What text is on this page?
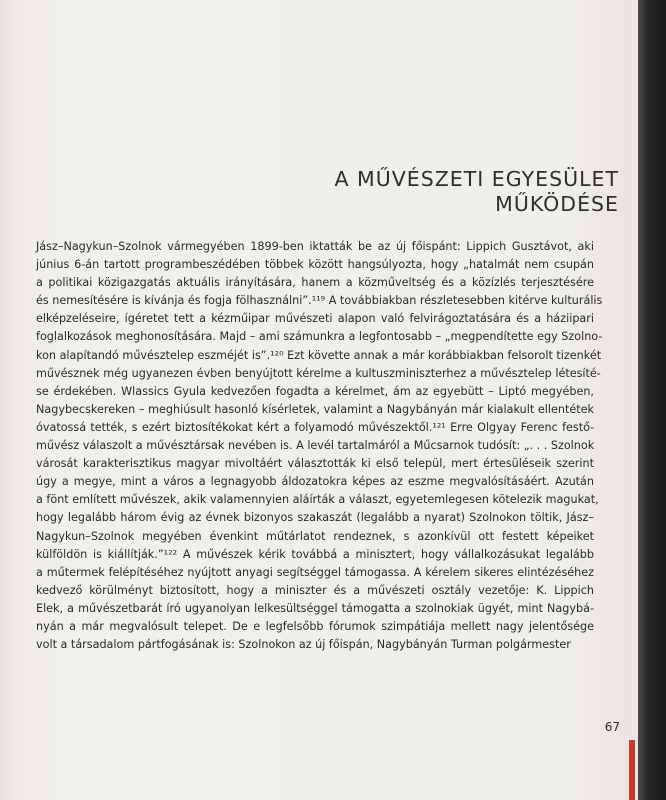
A MŰVÉSZETI EGYESÜLET
MŰKÖDÉSE
Jász–Nagykun–Szolnok vármegyében 1899-ben iktatták be az új főispánt: Lippich Gusztávot, aki
június 6-án tartott programbeszédében többek között hangsúlyozta, hogy „hatalmát nem csupán
a politikai közigazgatás aktuális irányítására, hanem a közműveltség és a közízlés terjesztésére
és nemesítésére is kívánja és fogja fölhasználni”.¹¹⁹ A továbbiakban részletesebben kitérve kulturális
elképzeléseire, ígéretet tett a kézműipar művészeti alapon való felvirágoztatására és a háziipari
foglalkozások meghonosítására. Majd – ami számunkra a legfontosabb – „megpendítette egy Szolno-
kon alapítandó művésztelep eszméjét is”.¹²⁰ Ezt követte annak a már korábbiakban felsorolt tizenkét
művésznek még ugyanezen évben benyújtott kérelme a kultuszminiszterhez a művésztelep létesíté-
se érdekében. Wlassics Gyula kedvezően fogadta a kérelmet, ám az egyebütt – Liptó megyében,
Nagybecskereken – meghiúsult hasonló kísérletek, valamint a Nagybányán már kialakult ellentétek
óvatossá tették, s ezért biztosítékokat kért a folyamodó művészektől.¹²¹ Erre Olgyay Ferenc festő-
művész válaszolt a művésztársak nevében is. A levél tartalmáról a Műcsarnok tudósít: „. . . Szolnok
városát karakterisztikus magyar mivoltáért választották ki első települ, mert értesüléseik szerint
úgy a megye, mint a város a legnagyobb áldozatokra képes az eszme megvalósításáért. Azután
a fönt említett művészek, akik valamennyien aláírták a választ, egyetemlegesen kötelezik magukat,
hogy legalább három évig az évnek bizonyos szakaszát (legalább a nyarat) Szolnokon töltik, Jász–
Nagykun–Szolnok megyében évenkint műtárlatot rendeznek, s azonkívül ott festett képeiket
külföldön is kiállítják.”¹²² A művészek kérik továbbá a minisztert, hogy vállalkozásukat legalább
a műtermek felépítéséhez nyújtott anyagi segítséggel támogassa. A kérelem sikeres elintézéséhez
kedvező körülményt biztosított, hogy a miniszter és a művészeti osztály vezetője: K. Lippich
Elek, a művészetbarát író ugyanolyan lelkesültséggel támogatta a szolnokiak ügyét, mint Nagybá-
nyán a már megvalósult telepet. De e legfelsőbb fórumok szimpátiája mellett nagy jelentősége
volt a társadalom pártfogásának is: Szolnokon az új főispán, Nagybányán Turman polgármester
67
